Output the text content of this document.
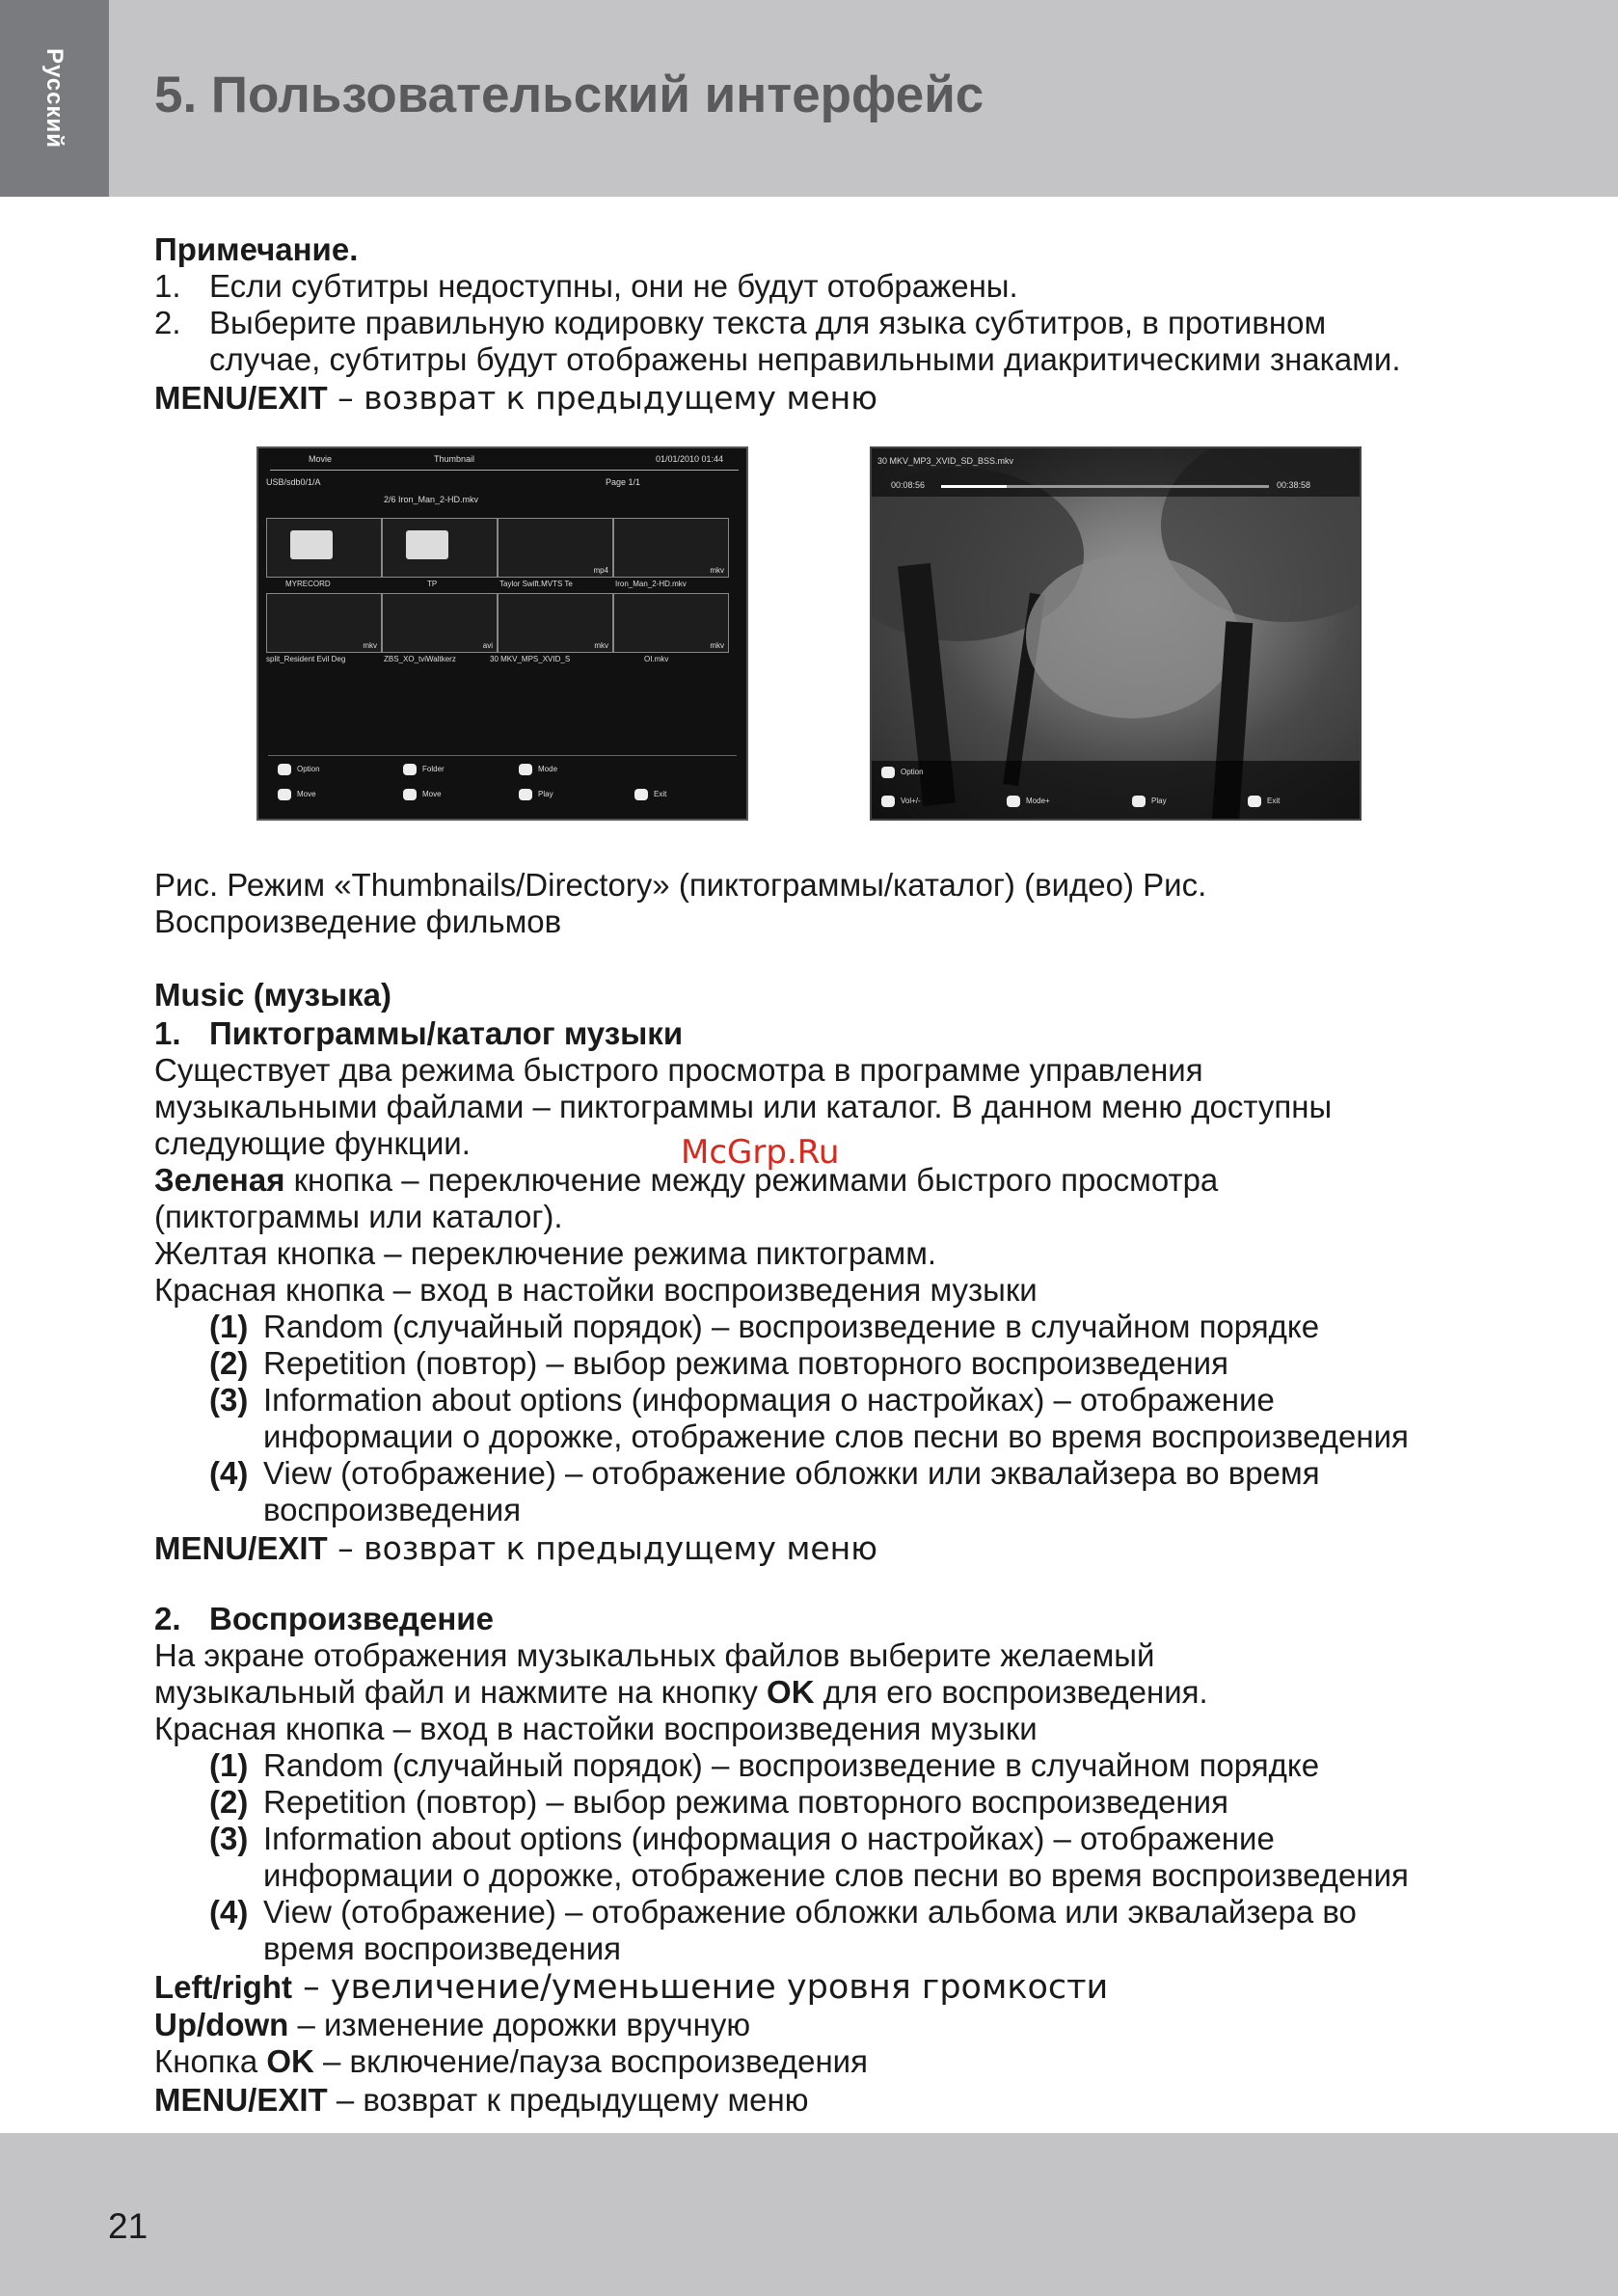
Русский 5. Пользовательский интерфейс
Примечание.
1. Если субтитры недоступны, они не будут отображены.
2. Выберите правильную кодировку текста для языка субтитров, в противном
случае, субтитры будут отображены неправильными диакритическими знаками.
MENU/EXIT – возврат к предыдущему меню
Movie	Thumbnail	01/01/2010 01:44
USB/sdb0/1/A	Page 1/1
2/6 Iron_Man_2-HD.mkv
mp4	mkv
MYRECORD	TP	Taylor Swift.MVTS Te	Iron_Man_2-HD.mkv
mkv	avi	mkv	mkv
split_Resident Evil Deg	ZBS_XO_tviWaltkerz	30 MKV_MPS_XVID_S	OI.mkv
Option	Folder	Mode
Move	Move	Play	Exit
30 MKV_MP3_XVID_SD_BSS.mkv
00:08:56	00:38:58
Option
Vol+/-	Mode+	Play	Exit
Рис. Режим «Thumbnails/Directory» (пиктограммы/каталог) (видео) Рис.
Воспроизведение фильмов
Music (музыка)
1. Пиктограммы/каталог музыки
Существует два режима быстрого просмотра в программе управления
музыкальными файлами – пиктограммы или каталог. В данном меню доступны
следующие функции.
Зеленая кнопка – переключение между режимами быстрого просмотра
(пиктограммы или каталог).
Желтая кнопка – переключение режима пиктограмм.
Красная кнопка – вход в настойки воспроизведения музыки
(1) Random (случайный порядок) – воспроизведение в случайном порядке
(2) Repetition (повтор) – выбор режима повторного воспроизведения
(3) Information about options (информация о настройках) – отображение
информации о дорожке, отображение слов песни во время воспроизведения
(4) View (отображение) – отображение обложки или эквалайзера во время
воспроизведения
MENU/EXIT – возврат к предыдущему меню
2. Воспроизведение
На экране отображения музыкальных файлов выберите желаемый
музыкальный файл и нажмите на кнопку OK для его воспроизведения.
Красная кнопка – вход в настойки воспроизведения музыки
(1) Random (случайный порядок) – воспроизведение в случайном порядке
(2) Repetition (повтор) – выбор режима повторного воспроизведения
(3) Information about options (информация о настройках) – отображение
информации о дорожке, отображение слов песни во время воспроизведения
(4) View (отображение) – отображение обложки альбома или эквалайзера во
время воспроизведения
Left/right – увеличение/уменьшение уровня громкости
Up/down – изменение дорожки вручную
Кнопка OK – включение/пауза воспроизведения
MENU/EXIT – возврат к предыдущему меню
McGrp.Ru
21
